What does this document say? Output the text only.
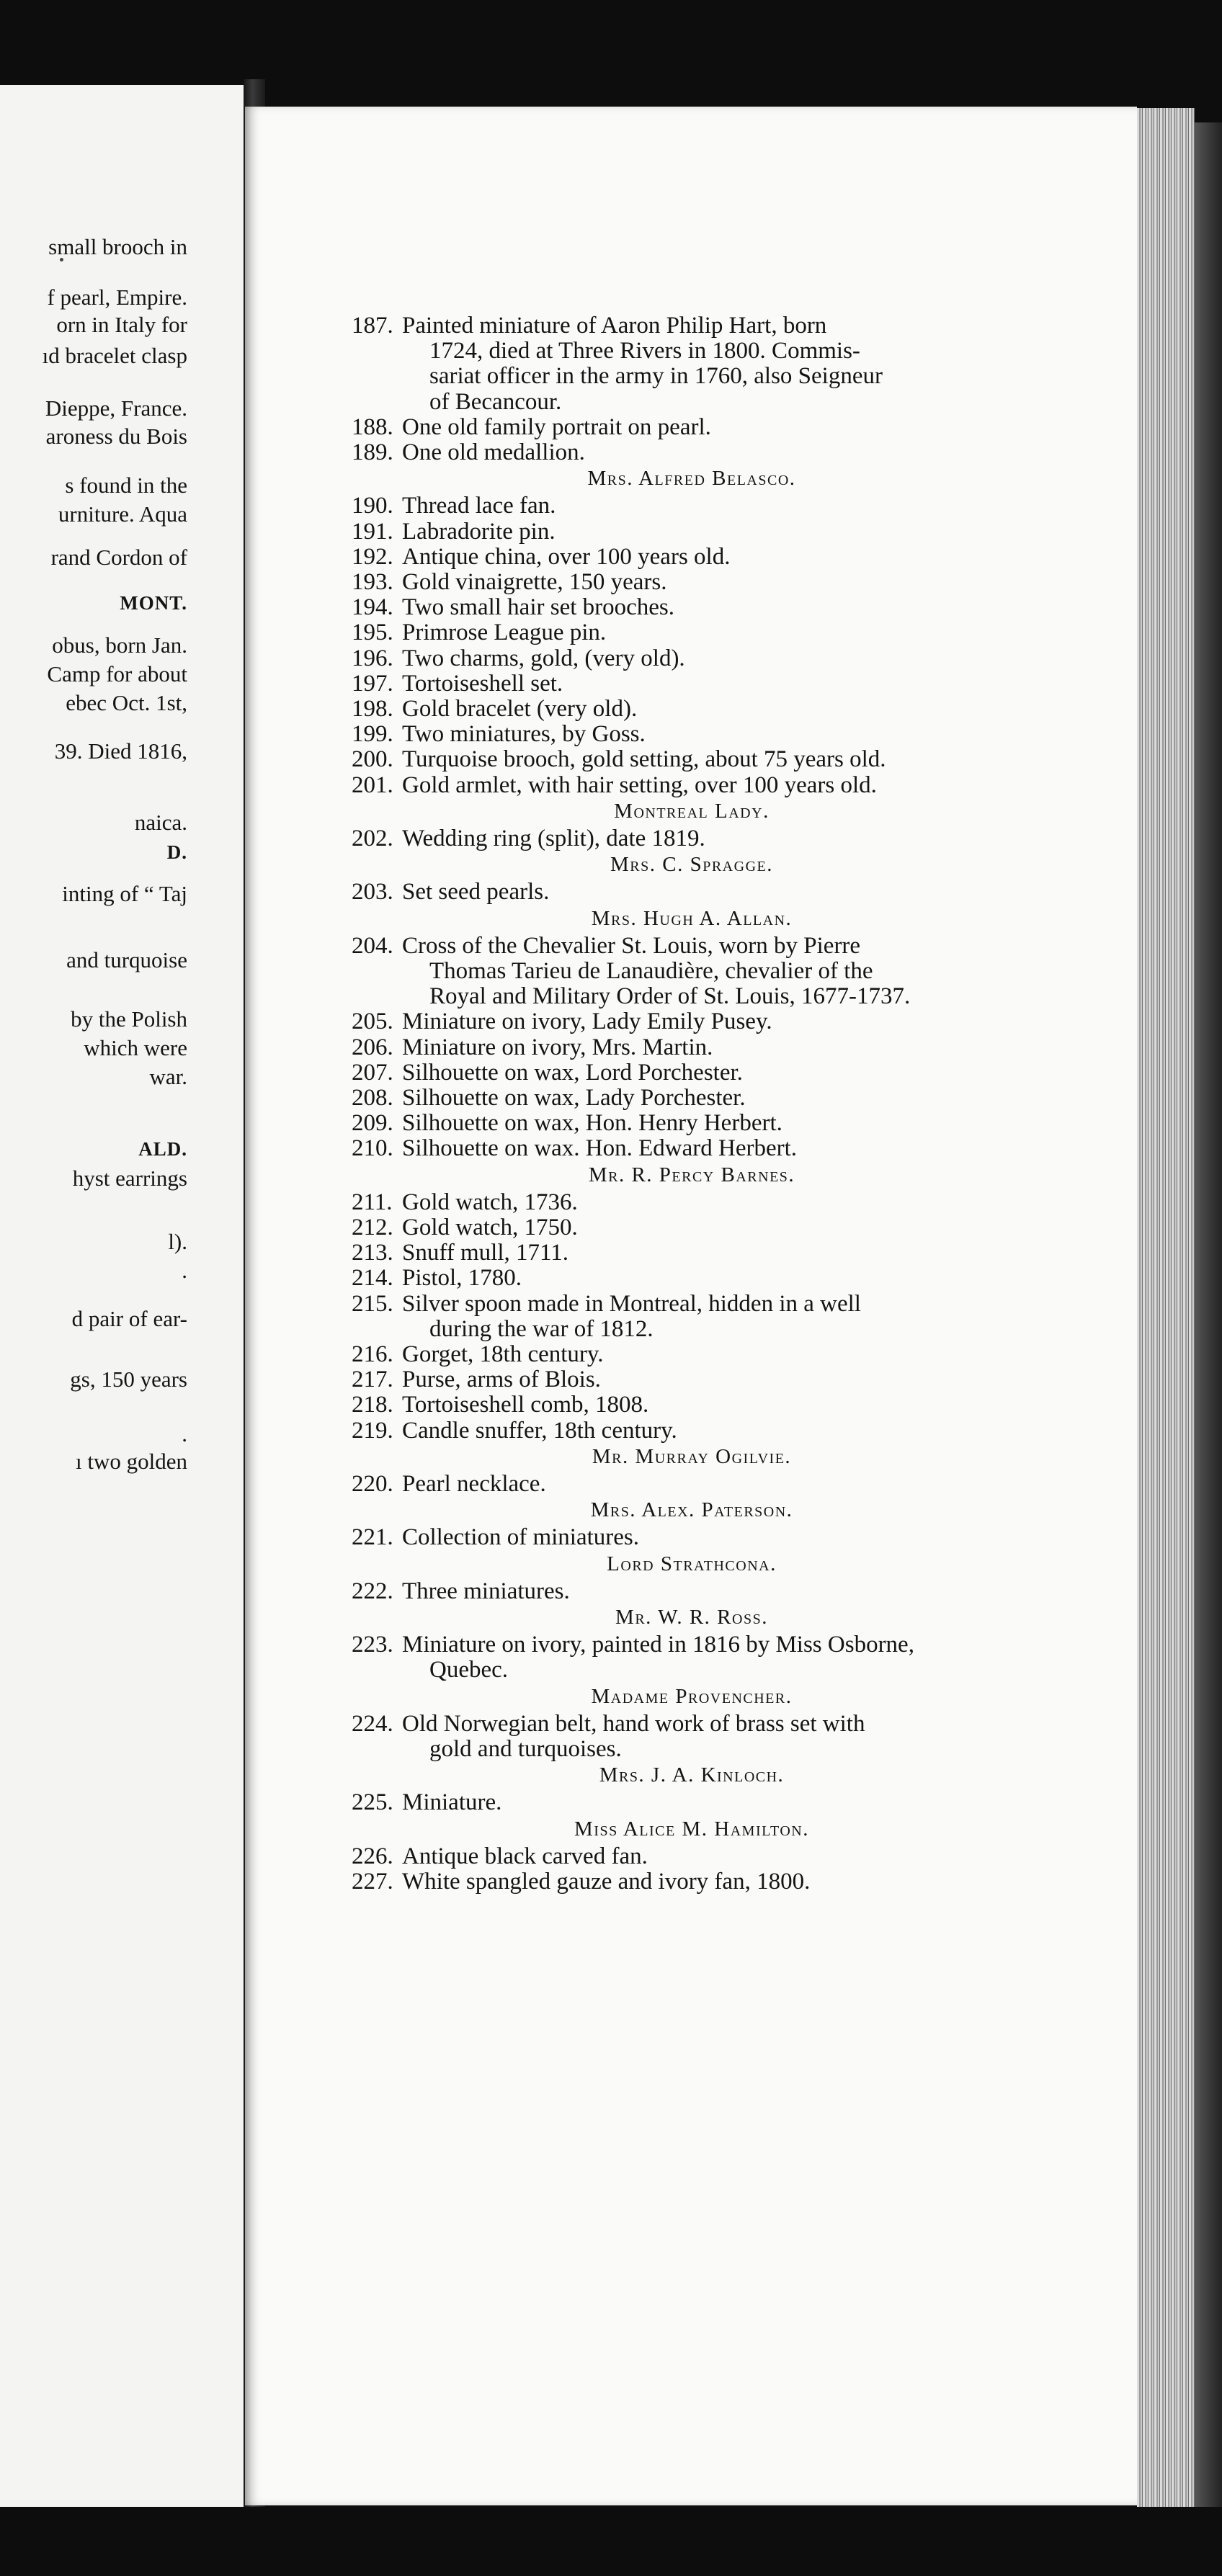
small brooch in
f pearl, Empire.
orn in Italy for
ıd bracelet clasp
Dieppe, France.
aroness du Bois
s found in the
urniture. Aqua
rand Cordon of
MONT.
obus, born Jan.
Camp for about
ebec Oct. 1st,
39. Died 1816,
naica.
D.
inting of “ Taj
and turquoise
by the Polish
which were
war.
ALD.
hyst earrings
l).
.
d pair of ear-
gs, 150 years
.
ı two golden
187. Painted miniature of Aaron Philip Hart, born
1724, died at Three Rivers in 1800. Commis-
sariat officer in the army in 1760, also Seigneur
of Becancour.
188. One old family portrait on pearl.
189. One old medallion.
Mrs. Alfred Belasco.
190. Thread lace fan.
191. Labradorite pin.
192. Antique china, over 100 years old.
193. Gold vinaigrette, 150 years.
194. Two small hair set brooches.
195. Primrose League pin.
196. Two charms, gold, (very old).
197. Tortoiseshell set.
198. Gold bracelet (very old).
199. Two miniatures, by Goss.
200. Turquoise brooch, gold setting, about 75 years old.
201. Gold armlet, with hair setting, over 100 years old.
Montreal Lady.
202. Wedding ring (split), date 1819.
Mrs. C. Spragge.
203. Set seed pearls.
Mrs. Hugh A. Allan.
204. Cross of the Chevalier St. Louis, worn by Pierre
Thomas Tarieu de Lanaudière, chevalier of the
Royal and Military Order of St. Louis, 1677-1737.
205. Miniature on ivory, Lady Emily Pusey.
206. Miniature on ivory, Mrs. Martin.
207. Silhouette on wax, Lord Porchester.
208. Silhouette on wax, Lady Porchester.
209. Silhouette on wax, Hon. Henry Herbert.
210. Silhouette on wax. Hon. Edward Herbert.
Mr. R. Percy Barnes.
211. Gold watch, 1736.
212. Gold watch, 1750.
213. Snuff mull, 1711.
214. Pistol, 1780.
215. Silver spoon made in Montreal, hidden in a well
during the war of 1812.
216. Gorget, 18th century.
217. Purse, arms of Blois.
218. Tortoiseshell comb, 1808.
219. Candle snuffer, 18th century.
Mr. Murray Ogilvie.
220. Pearl necklace.
Mrs. Alex. Paterson.
221. Collection of miniatures.
Lord Strathcona.
222. Three miniatures.
Mr. W. R. Ross.
223. Miniature on ivory, painted in 1816 by Miss Osborne,
Quebec.
Madame Provencher.
224. Old Norwegian belt, hand work of brass set with
gold and turquoises.
Mrs. J. A. Kinloch.
225. Miniature.
Miss Alice M. Hamilton.
226. Antique black carved fan.
227. White spangled gauze and ivory fan, 1800.
